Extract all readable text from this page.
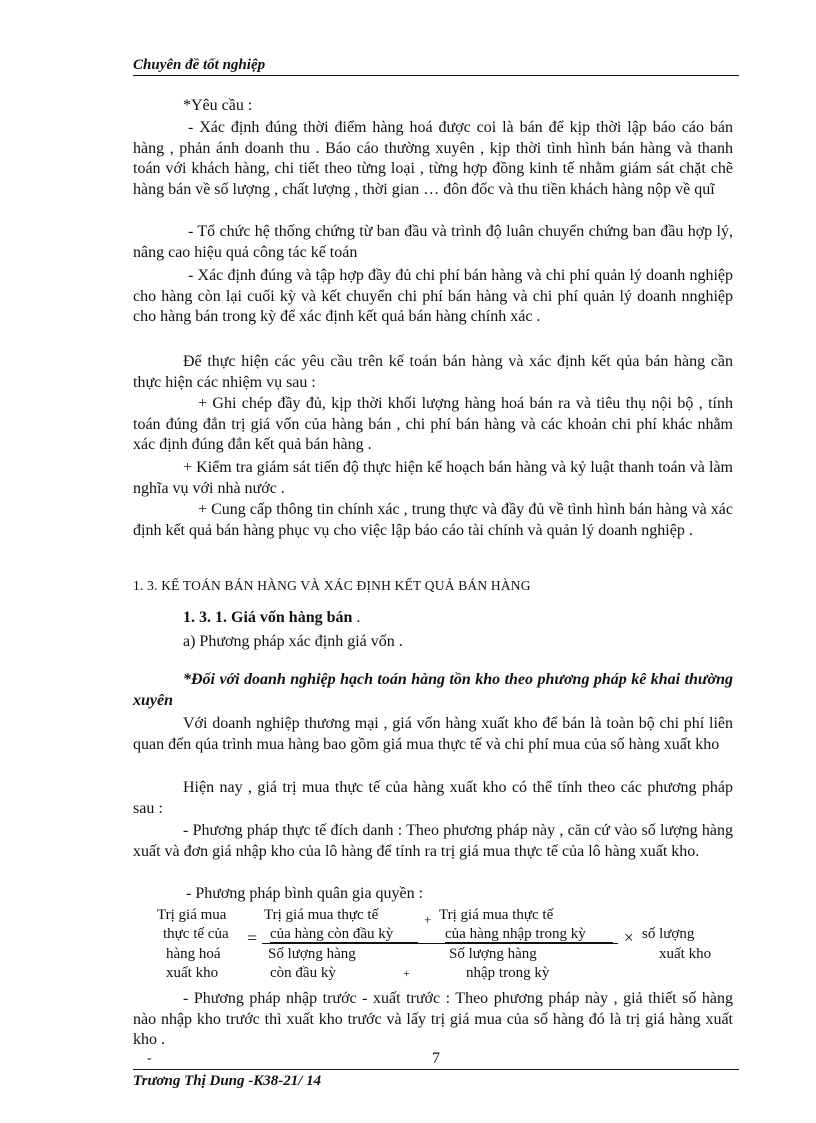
Chuyên đề tốt nghiệp
*Yêu cầu :
- Xác định đúng thời điểm hàng hoá được coi là bán để kịp thời lập báo cáo bán hàng , phản ánh doanh thu . Báo cáo thường xuyên , kịp thời tình hình bán hàng và thanh toán với khách hàng, chi tiết theo từng loại , từng hợp đồng kinh tế nhằm giám sát chặt chẽ hàng bán về số lượng , chất lượng , thời gian … đôn đốc và thu tiền khách hàng nộp về quĩ
- Tổ chức hệ thống chứng từ ban đầu và trình độ luân chuyển chứng ban đầu hợp lý, nâng cao hiệu quả công tác kế toán
- Xác định đúng và tập hợp đầy đủ chi phí bán hàng và chi phí quản lý doanh nghiệp cho hàng còn lại cuối kỳ và kết chuyển chi phí bán hàng và chi phí quản lý doanh nnghiệp cho hàng bán trong kỳ để xác định kết quả bán hàng chính xác .
Để thực hiện các yêu cầu trên kế toán bán hàng và xác định kết qủa bán hàng cần thực hiện các nhiệm vụ sau :
+ Ghi chép đầy đủ, kịp thời khối lượng hàng hoá bán ra và tiêu thụ nội bộ , tính toán đúng đắn trị giá vốn của hàng bán , chi phí bán hàng và các khoản chi phí khác nhằm xác định đúng đắn kết quả bán hàng .
+ Kiểm tra giám sát tiến độ thực hiện kế hoạch bán hàng và kỷ luật thanh toán và làm nghĩa vụ với nhà nước .
+ Cung cấp thông tin chính xác , trung thực và đầy đủ về tình hình bán hàng và xác định kết quả bán hàng phục vụ cho việc lập báo cáo tài chính và quản lý doanh nghiệp .
1. 3. KẾ TOÁN BÁN HÀNG VÀ XÁC ĐỊNH KẾT QUẢ BÁN HÀNG
1. 3. 1. Giá vốn hàng bán .
a) Phương pháp xác định giá vốn .
*Đối với doanh nghiệp hạch toán hàng tồn kho theo phương pháp kê khai thường xuyên
Với doanh nghiệp thương mại , giá vốn hàng xuất kho để bán là toàn bộ chi phí liên quan đến qúa trình mua hàng bao gồm giá mua thực tế và chi phí mua của số hàng xuất kho
Hiện nay , giá trị mua thực tế của hàng xuất kho có thể tính theo các phương pháp sau :
- Phương pháp thực tế đích danh : Theo phương pháp này , căn cứ vào số lượng hàng xuất và đơn giá nhập kho của lô hàng để tính ra trị giá mua thực tế của lô hàng xuất kho.
- Phương pháp bình quân gia quyền :
Trị giá mua
thực tế của
hàng hoá
xuất kho
=
Trị giá mua thực tế
của hàng còn đầu kỳ
+ Trị giá mua thực tế
của hàng nhập trong kỳ
Số lượng hàng
còn đầu kỳ	+
Số lượng hàng
nhập trong kỳ
× số lượng
xuất kho
- Phương pháp nhập trước - xuất trước : Theo phương pháp này , giả thiết số hàng nào nhập kho trước thì xuất kho trước và lấy trị giá mua của số hàng đó là trị giá hàng xuất kho .
-	7
Trương Thị Dung -K38-21/ 14
